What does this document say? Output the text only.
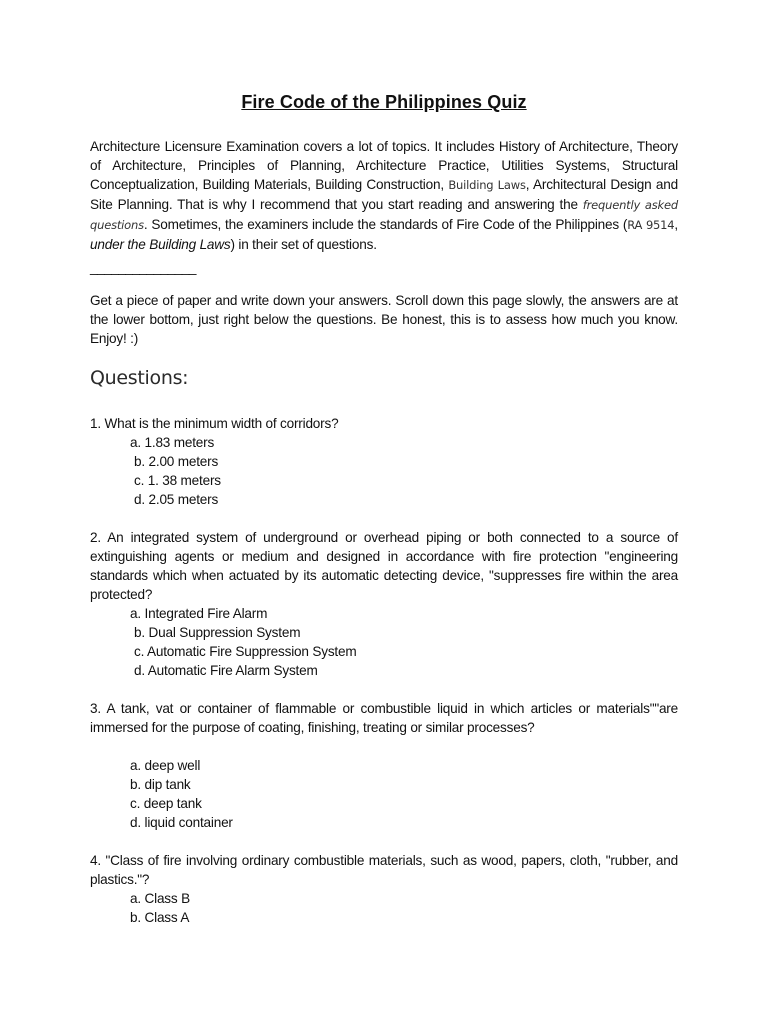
Fire Code of the Philippines Quiz

Architecture Licensure Examination covers a lot of topics. It includes History of Architecture, Theory of Architecture, Principles of Planning, Architecture Practice, Utilities Systems, Structural Conceptualization, Building Materials, Building Construction, Building Laws, Architectural Design and Site Planning. That is why I recommend that you start reading and answering the frequently asked questions. Sometimes, the examiners include the standards of Fire Code of the Philippines (RA 9514, under the Building Laws) in their set of questions.

_______________

Get a piece of paper and write down your answers. Scroll down this page slowly, the answers are at the lower bottom, just right below the questions. Be honest, this is to assess how much you know. Enjoy! :)

Questions:

1. What is the minimum width of corridors?

a. 1.83 meters
b. 2.00 meters
c. 1. 38 meters
d. 2.05 meters

2. An integrated system of underground or overhead piping or both connected to a source of extinguishing agents or medium and designed in accordance with fire protection "engineering standards which when actuated by its automatic detecting device, "suppresses fire within the area protected?

a. Integrated Fire Alarm
b. Dual Suppression System
c. Automatic Fire Suppression System
d. Automatic Fire Alarm System

3. A tank, vat or container of flammable or combustible liquid in which articles or materials""are immersed for the purpose of coating, finishing, treating or similar processes?

a. deep well
b. dip tank
c. deep tank
d. liquid container

4. "Class of fire involving ordinary combustible materials, such as wood, papers, cloth, "rubber, and plastics."?

a. Class B
b. Class A
